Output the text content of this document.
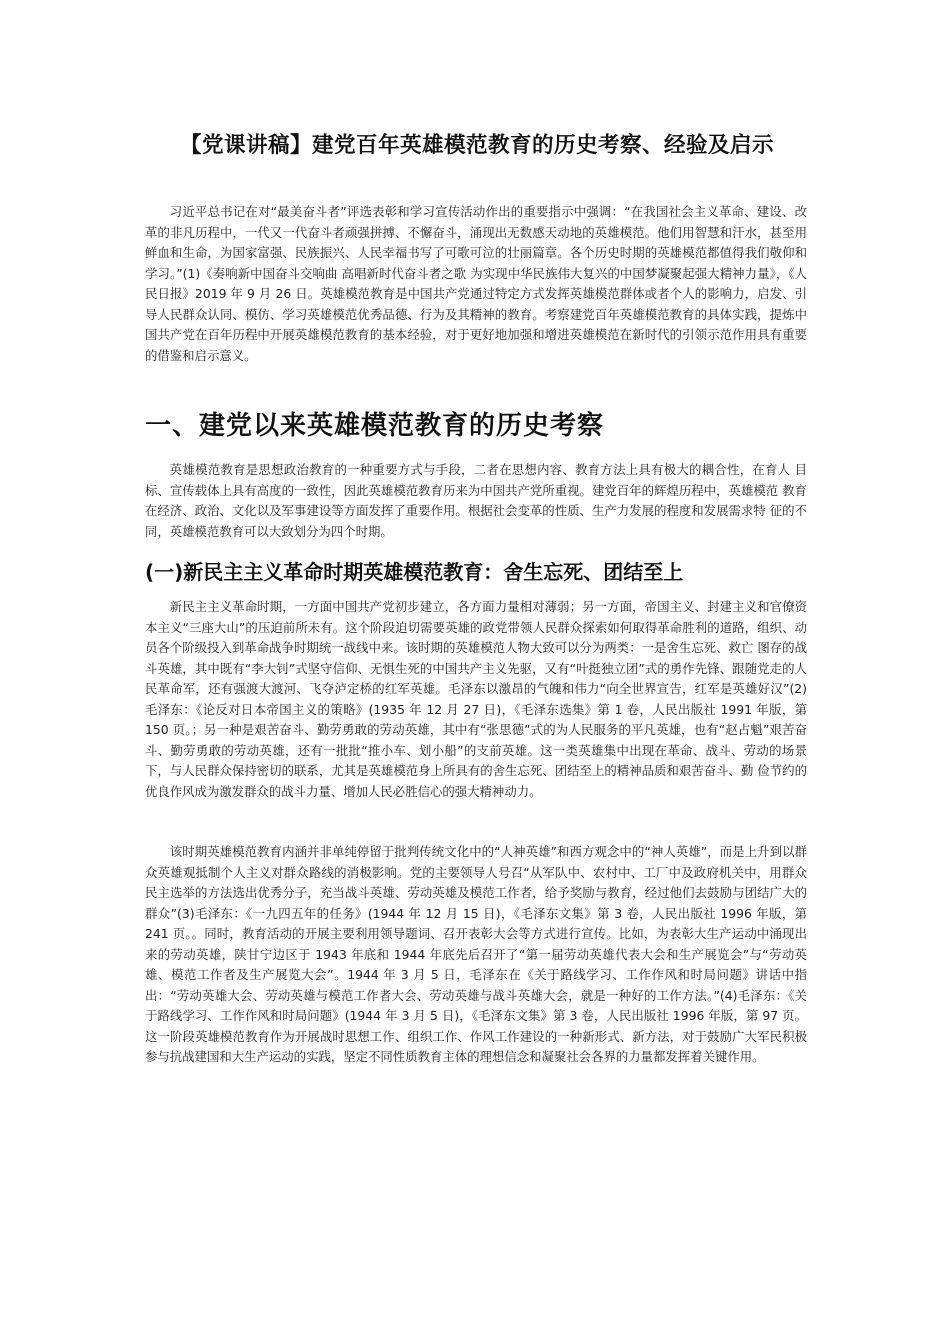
【党课讲稿】建党百年英雄模范教育的历史考察、经验及启示

习近平总书记在对“最美奋斗者”评选表彰和学习宣传活动作出的重要指示中强调：“在我国社会主义革命、建设、改革的非凡历程中，一代又一代奋斗者顽强拼搏、不懈奋斗，涌现出无数感天动地的英雄模范。他们用智慧和汗水，甚至用鲜血和生命，为国家富强、民族振兴、人民幸福书写了可歌可泣的壮丽篇章。各个历史时期的英雄模范都值得我们敬仰和学习。”(1)《奏响新中国奋斗交响曲 高唱新时代奋斗者之歌 为实现中华民族伟大复兴的中国梦凝聚起强大精神力量》，《人民日报》2019 年 9 月 26 日。英雄模范教育是中国共产党通过特定方式发挥英雄模范群体或者个人的影响力，启发、引导人民群众认同、模仿、学习英雄模范优秀品德、行为及其精神的教育。考察建党百年英雄模范教育的具体实践，提炼中国共产党在百年历程中开展英雄模范教育的基本经验，对于更好地加强和增进英雄模范在新时代的引领示范作用具有重要的借鉴和启示意义。

一、建党以来英雄模范教育的历史考察

英雄模范教育是思想政治教育的一种重要方式与手段，二者在思想内容、教育方法上具有极大的耦合性，在育人 目标、宣传载体上具有高度的一致性，因此英雄模范教育历来为中国共产党所重视。建党百年的辉煌历程中，英雄模范 教育在经济、政治、文化以及军事建设等方面发挥了重要作用。根据社会变革的性质、生产力发展的程度和发展需求特 征的不同，英雄模范教育可以大致划分为四个时期。

(一)新民主主义革命时期英雄模范教育：舍生忘死、团结至上

新民主主义革命时期，一方面中国共产党初步建立，各方面力量相对薄弱；另一方面，帝国主义、封建主义和官僚资本主义“三座大山”的压迫前所未有。这个阶段迫切需要英雄的政党带领人民群众探索如何取得革命胜利的道路，组织、动员各个阶级投入到革命战争时期统一战线中来。该时期的英雄模范人物大致可以分为两类：一是舍生忘死、救亡 图存的战斗英雄，其中既有“李大钊”式坚守信仰、无惧生死的中国共产主义先驱，又有“叶挺独立团”式的勇作先锋、跟随党走的人民革命军，还有强渡大渡河、飞夺泸定桥的红军英雄。毛泽东以激昂的气魄和伟力“向全世界宣告，红军是英雄好汉”(2)毛泽东：《论反对日本帝国主义的策略》(1935 年 12 月 27 日)，《毛泽东选集》第 1 卷，人民出版社 1991 年版，第 150 页。；另一种是艰苦奋斗、勤劳勇敢的劳动英雄，其中有“张思德”式的为人民服务的平凡英雄，也有“赵占魁”艰苦奋斗、勤劳勇敢的劳动英雄，还有一批批“推小车、划小船”的支前英雄。这一类英雄集中出现在革命、战斗、劳动的场景下，与人民群众保持密切的联系，尤其是英雄模范身上所具有的舍生忘死、团结至上的精神品质和艰苦奋斗、勤 俭节约的优良作风成为激发群众的战斗力量、增加人民必胜信心的强大精神动力。

该时期英雄模范教育内涵并非单纯停留于批判传统文化中的“人神英雄”和西方观念中的“神人英雄”，而是上升到以群众英雄观抵制个人主义对群众路线的消极影响。党的主要领导人号召“从军队中、农村中、工厂中及政府机关中，用群众民主选举的方法选出优秀分子，充当战斗英雄、劳动英雄及模范工作者，给予奖励与教育，经过他们去鼓励与团结广大的群众”(3)毛泽东：《一九四五年的任务》(1944 年 12 月 15 日)，《毛泽东文集》第 3 卷，人民出版社 1996 年版，第 241 页。。同时，教育活动的开展主要利用领导题词、召开表彰大会等方式进行宣传。比如，为表彰大生产运动中涌现出来的劳动英雄，陕甘宁边区于 1943 年底和 1944 年底先后召开了“第一届劳动英雄代表大会和生产展览会”与“劳动英雄、模范工作者及生产展览大会”。1944 年 3 月 5 日，毛泽东在《关于路线学习、工作作风和时局问题》讲话中指出：“劳动英雄大会、劳动英雄与模范工作者大会、劳动英雄与战斗英雄大会，就是一种好的工作方法。”(4)毛泽东：《关于路线学习、工作作风和时局问题》(1944 年 3 月 5 日)，《毛泽东文集》第 3 卷，人民出版社 1996 年版，第 97 页。这一阶段英雄模范教育作为开展战时思想工作、组织工作、作风工作建设的一种新形式、新方法，对于鼓励广大军民积极参与抗战建国和大生产运动的实践，坚定不同性质教育主体的理想信念和凝聚社会各界的力量都发挥着关键作用。
